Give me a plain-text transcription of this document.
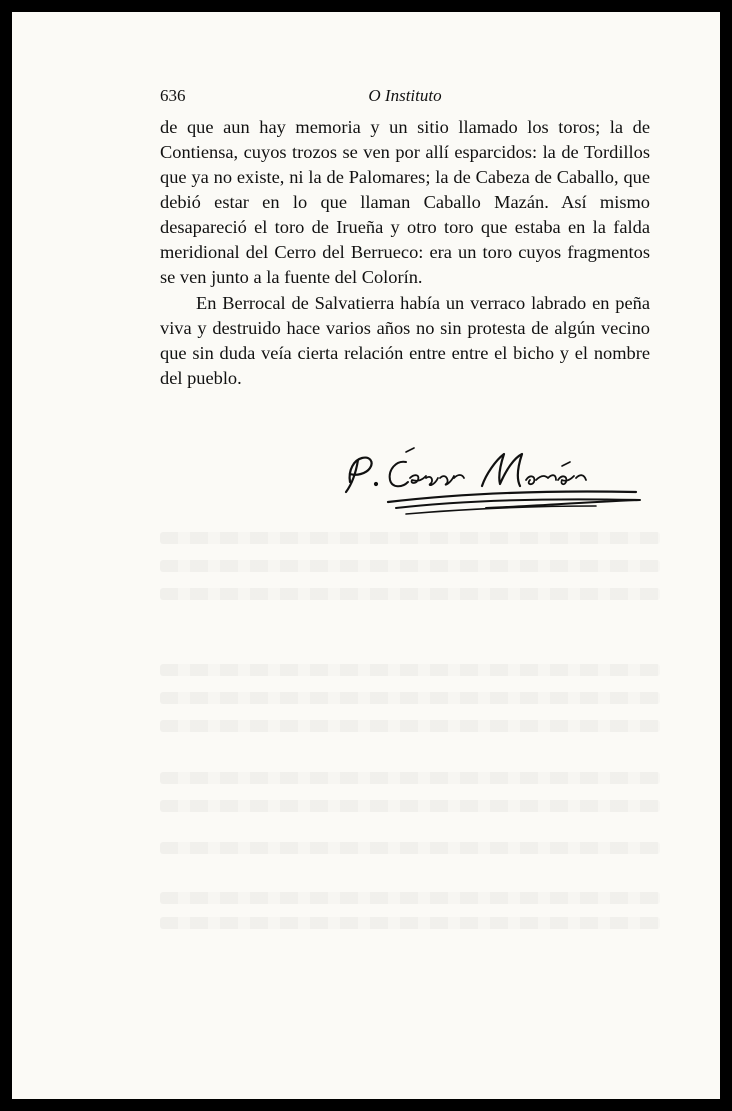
636	O Instituto

de que aun hay memoria y un sitio llamado los toros; la de Contiensa, cuyos trozos se ven por allí esparcidos: la de Tordillos que ya no existe, ni la de Palomares; la de Cabeza de Caballo, que debió estar en lo que llaman Caballo Mazán. Así mismo desapareció el toro de Irueña y otro toro que estaba en la falda meridional del Cerro del Berrueco: era un toro cuyos fragmentos se ven junto a la fuente del Colorín.

En Berrocal de Salvatierra había un verraco labrado en peña viva y destruido hace varios años no sin protesta de algún vecino que sin duda veía cierta relación entre entre el bicho y el nombre del pueblo.
